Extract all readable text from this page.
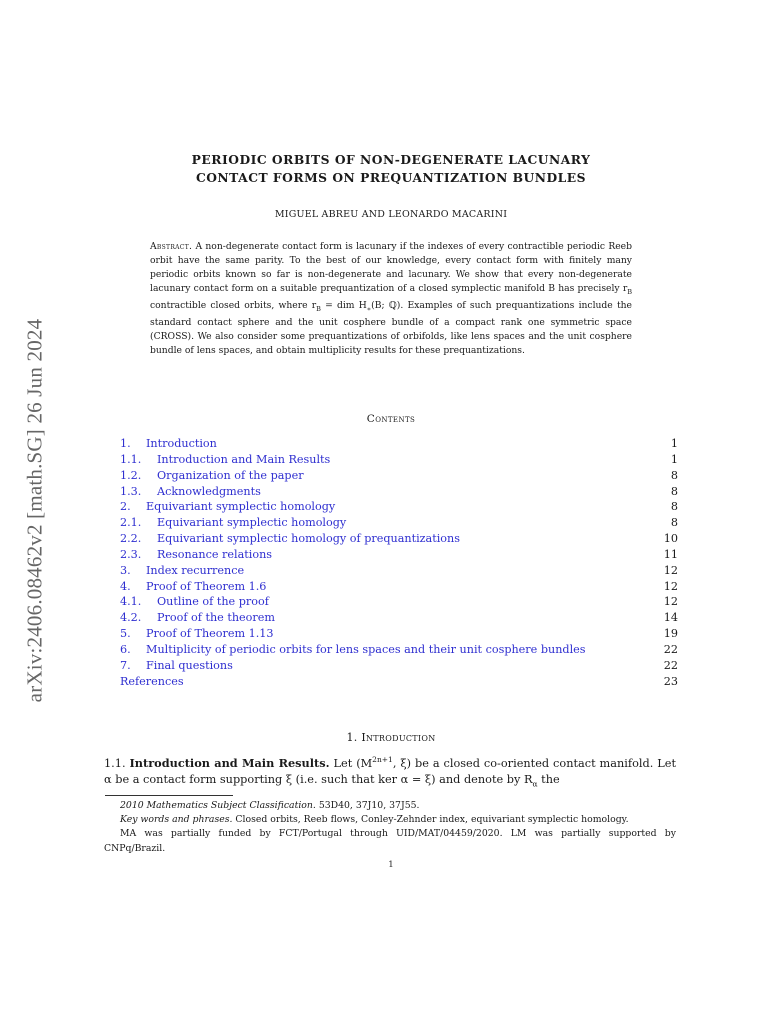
arXiv:2406.08462v2 [math.SG] 26 Jun 2024
PERIODIC ORBITS OF NON-DEGENERATE LACUNARY
CONTACT FORMS ON PREQUANTIZATION BUNDLES
MIGUEL ABREU AND LEONARDO MACARINI
Abstract. A non-degenerate contact form is lacunary if the indexes of every contractible periodic Reeb orbit have the same parity. To the best of our knowledge, every contact form with finitely many periodic orbits known so far is non-degenerate and lacunary. We show that every non-degenerate lacunary contact form on a suitable prequantization of a closed symplectic manifold B has precisely $r_B$ contractible closed orbits, where $r_B$ = dim $H_∗(B$; ℚ). Examples of such prequantizations include the standard contact sphere and the unit cosphere bundle of a compact rank one symmetric space (CROSS). We also consider some prequantizations of orbifolds, like lens spaces and the unit cosphere bundle of lens spaces, and obtain multiplicity results for these prequantizations.
Contents
1. Introduction	1
1.1. Introduction and Main Results	1
1.2. Organization of the paper	8
1.3. Acknowledgments	8
2. Equivariant symplectic homology	8
2.1. Equivariant symplectic homology	8
2.2. Equivariant symplectic homology of prequantizations	10
2.3. Resonance relations	11
3. Index recurrence	12
4. Proof of Theorem 1.6	12
4.1. Outline of the proof	12
4.2. Proof of the theorem	14
5. Proof of Theorem 1.13	19
6. Multiplicity of periodic orbits for lens spaces and their unit cosphere bundles	22
7. Final questions	22
References	23
1. Introduction
1.1. Introduction and Main Results. Let ($M^{2n+1}$, ξ) be a closed co-oriented contact manifold. Let α be a contact form supporting ξ (i.e. such that ker α = ξ) and denote by $R_\alpha$ the

2010 Mathematics Subject Classification. 53D40, 37J10, 37J55.

Key words and phrases. Closed orbits, Reeb flows, Conley-Zehnder index, equivariant symplectic homology.

MA was partially funded by FCT/Portugal through UID/MAT/04459/2020. LM was partially supported by CNPq/Brazil.

1
